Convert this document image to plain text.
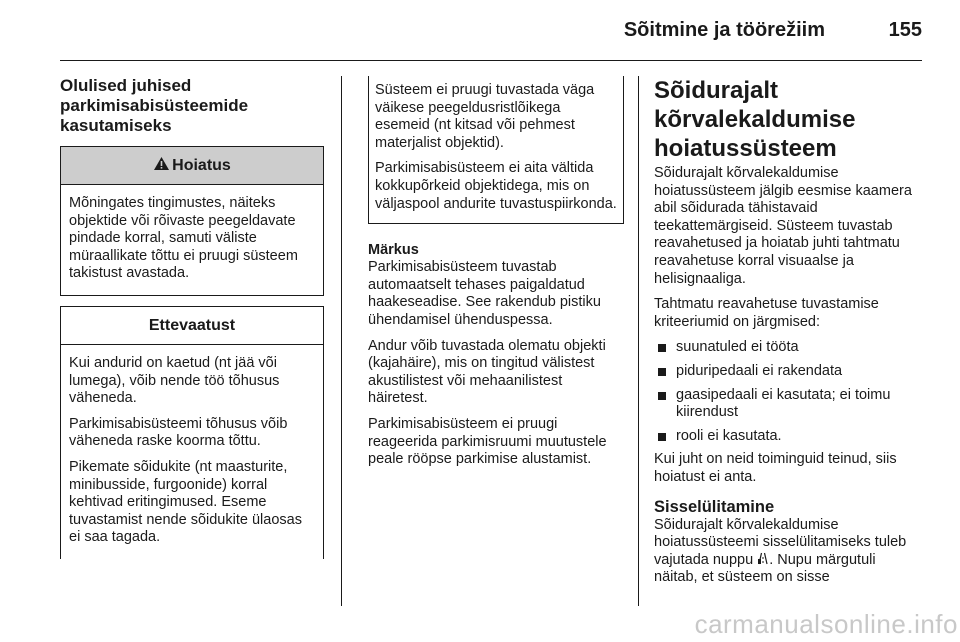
Sõitmine ja töörežiim	155
Olulised juhised parkimisabisüsteemide kasutamiseks
Hoiatus

Mõningates tingimustes, näiteks objektide või rõivaste peegeldavate pindade korral, samuti väliste müraallikate tõttu ei pruugi süsteem takistust avastada.

Ettevaatust

Kui andurid on kaetud (nt jää või lumega), võib nende töö tõhusus väheneda.

Parkimisabisüsteemi tõhusus võib väheneda raske koorma tõttu.

Pikemate sõidukite (nt maasturite, minibusside, furgoonide) korral kehtivad eritingimused. Eseme tuvastamist nende sõidukite ülaosas ei saa tagada.

Süsteem ei pruugi tuvastada väga väikese peegeldusristlõikega esemeid (nt kitsad või pehmest materjalist objektid).

Parkimisabisüsteem ei aita vältida kokkupõrkeid objektidega, mis on väljaspool andurite tuvastuspiirkonda.

Märkus

Parkimisabisüsteem tuvastab automaatselt tehases paigaldatud haakeseadise. See rakendub pistiku ühendamisel ühenduspessa.

Andur võib tuvastada olematu objekti (kajahäire), mis on tingitud välistest akustilistest või mehaanilistest häiretest.

Parkimisabisüsteem ei pruugi reageerida parkimisruumi muutustele peale rööpse parkimise alustamist.

Sõidurajalt kõrvalekaldumise hoiatussüsteem

Sõidurajalt kõrvalekaldumise hoiatussüsteem jälgib eesmise kaamera abil sõidurada tähistavaid teekattemärgiseid. Süsteem tuvastab reavahetused ja hoiatab juhti tahtmatu reavahetuse korral visuaalse ja helisignaaliga.

Tahtmatu reavahetuse tuvastamise kriteeriumid on järgmised:

suunatuled ei tööta
piduripedaali ei rakendata
gaasipedaali ei kasutata; ei toimu kiirendust
rooli ei kasutata.

Kui juht on neid toiminguid teinud, siis hoiatust ei anta.

Sisselülitamine

Sõidurajalt kõrvalekaldumise hoiatussüsteemi sisselülitamiseks tuleb vajutada nuppu . Nupu märgutuli näitab, et süsteem on sisse

carmanualsonline.info
